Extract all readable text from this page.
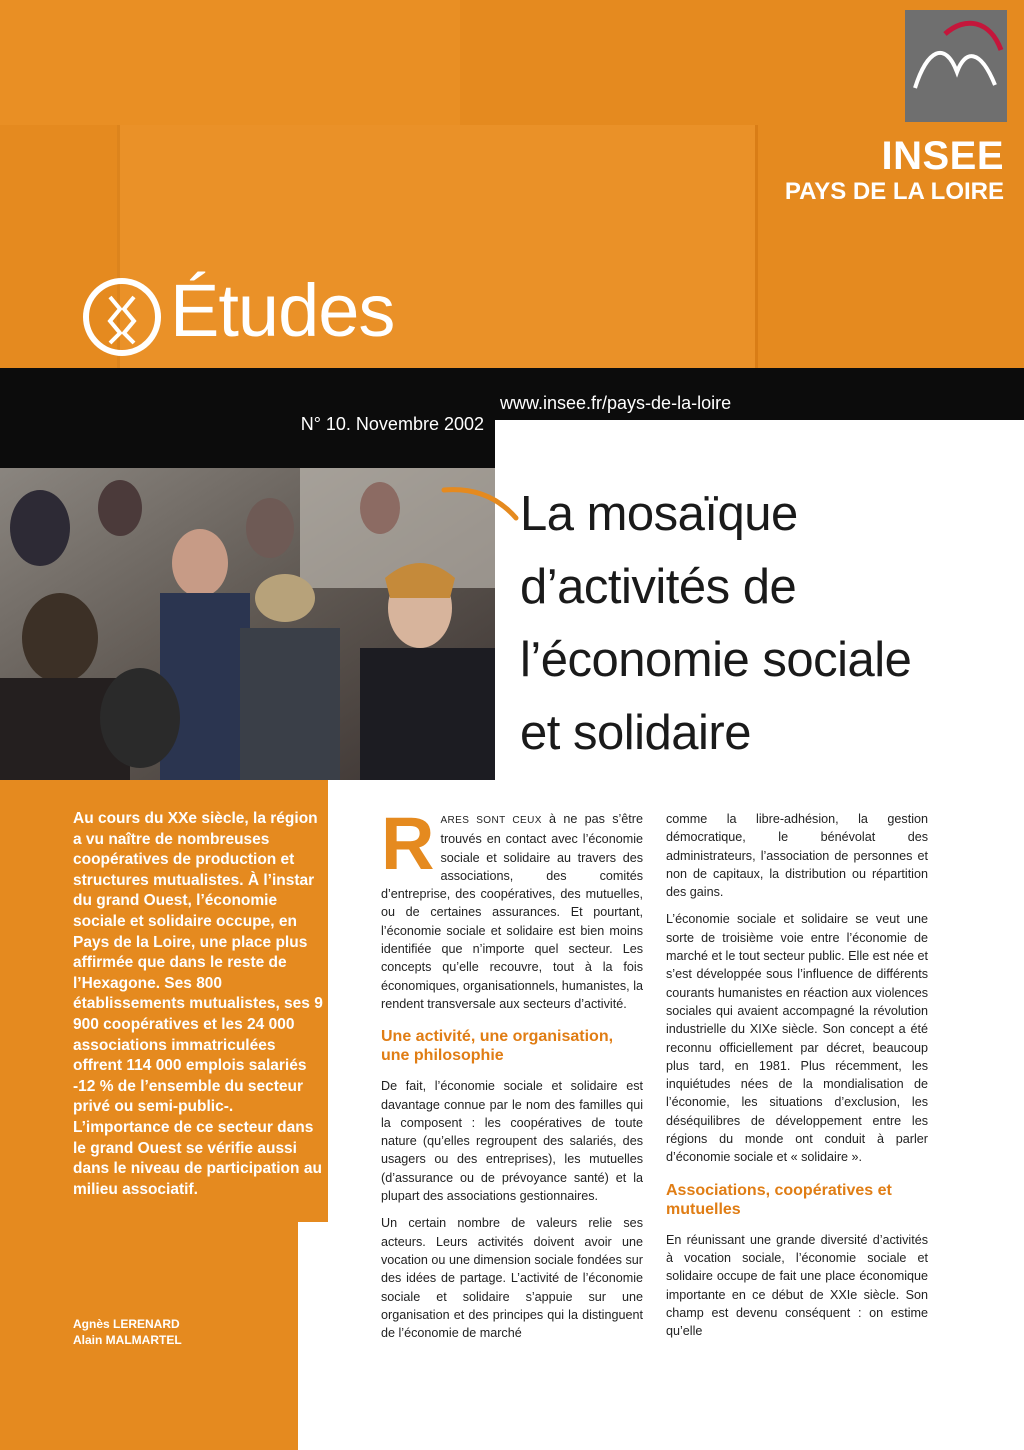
INSEE
PAYS DE LA LOIRE
Études
www.insee.fr/pays-de-la-loire
N° 10. Novembre 2002
La mosaïque
d’activités de
l’économie sociale
et solidaire
Au cours du XXe siècle, la région a vu naître de nombreuses coopératives de production et structures mutualistes. À l’instar du grand Ouest, l’économie sociale et solidaire occupe, en Pays de la Loire, une place plus affirmée que dans le reste de l’Hexagone. Ses 800 établissements mutualistes, ses 9 900 coopératives et les 24 000 associations immatriculées offrent 114 000 emplois salariés -12 % de l’ensemble du secteur privé ou semi-public-. L’importance de ce secteur dans le grand Ouest se vérifie aussi dans le niveau de participation au milieu associatif.
Agnès LERENARD
Alain MALMARTEL

RARES SONT CEUX à ne pas s’être trouvés en contact avec l’économie sociale et solidaire au travers des associations, des comités d’entreprise, des coopératives, des mutuelles, ou de certaines assurances. Et pourtant, l’économie sociale et solidaire est bien moins identifiée que n’importe quel secteur. Les concepts qu’elle recouvre, tout à la fois économiques, organisationnels, humanistes, la rendent transversale aux secteurs d’activité.

Une activité, une organisation, une philosophie

De fait, l’économie sociale et solidaire est davantage connue par le nom des familles qui la composent : les coopératives de toute nature (qu’elles regroupent des salariés, des usagers ou des entreprises), les mutuelles (d’assurance ou de prévoyance santé) et la plupart des associations gestionnaires.

Un certain nombre de valeurs relie ses acteurs. Leurs activités doivent avoir une vocation ou une dimension sociale fondées sur des idées de partage. L’activité de l’économie sociale et solidaire s’appuie sur une organisation et des principes qui la distinguent de l’économie de marché

comme la libre-adhésion, la gestion démocratique, le bénévolat des administrateurs, l’association de personnes et non de capitaux, la distribution ou répartition des gains.

L’économie sociale et solidaire se veut une sorte de troisième voie entre l’économie de marché et le tout secteur public. Elle est née et s’est développée sous l’influence de différents courants humanistes en réaction aux violences sociales qui avaient accompagné la révolution industrielle du XIXe siècle. Son concept a été reconnu officiellement par décret, beaucoup plus tard, en 1981. Plus récemment, les inquiétudes nées de la mondialisation de l’économie, les situations d’exclusion, les déséquilibres de développement entre les régions du monde ont conduit à parler d’économie sociale et « solidaire ».

Associations, coopératives et mutuelles

En réunissant une grande diversité d’activités à vocation sociale, l’économie sociale et solidaire occupe de fait une place économique importante en ce début de XXIe siècle. Son champ est devenu conséquent : on estime qu’elle
